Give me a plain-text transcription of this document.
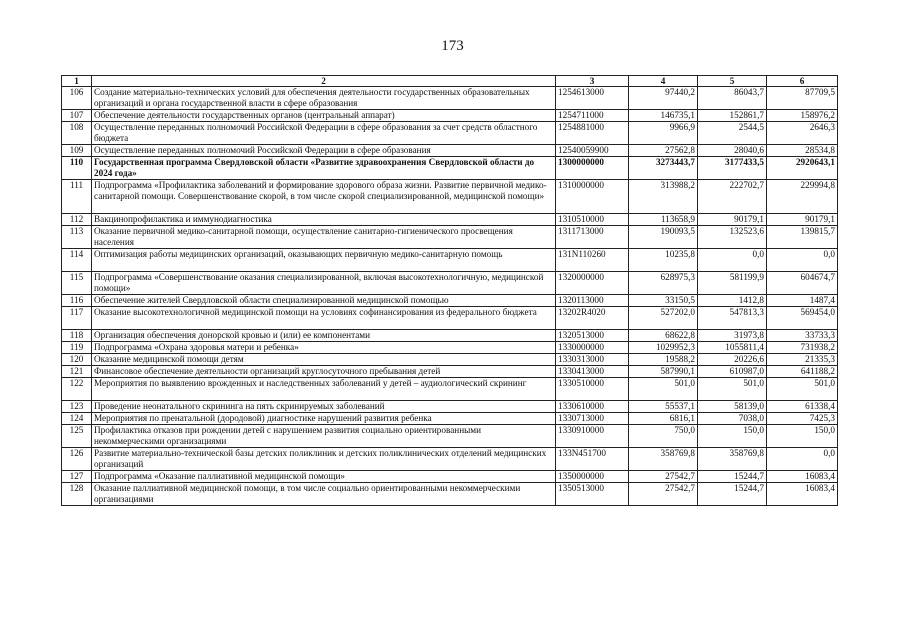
173
1	2	3	4	5	6
106	Создание материально-технических условий для обеспечения деятельности государственных образовательных организаций и органа государственной власти в сфере образования	1254613000	97440,2	86043,7	87709,5
107	Обеспечение деятельности государственных органов (центральный аппарат)	1254711000	146735,1	152861,7	158976,2
108	Осуществление переданных полномочий Российской Федерации в сфере образования за счет средств областного бюджета	1254881000	9966,9	2544,5	2646,3
109	Осуществление переданных полномочий Российской Федерации в сфере образования	12540059900	27562,8	28040,6	28534,8
110	Государственная программа Свердловской области «Развитие здравоохранения Свердловской области до 2024 года»	1300000000	3273443,7	3177433,5	2920643,1
111	Подпрограмма «Профилактика заболеваний и формирование здорового образа жизни. Развитие первичной медико-санитарной помощи. Совершенствование скорой, в том числе скорой специализированной, медицинской помощи»	1310000000	313988,2	222702,7	229994,8
112	Вакцинопрофилактика и иммунодиагностика	1310510000	113658,9	90179,1	90179,1
113	Оказание первичной медико-санитарной помощи, осуществление санитарно-гигиенического просвещения населения	1311713000	190093,5	132523,6	139815,7
114	Оптимизация работы медицинских организаций, оказывающих первичную медико-санитарную помощь	131N110260	10235,8	0,0	0,0
115	Подпрограмма «Совершенствование оказания специализированной, включая высокотехнологичную, медицинской помощи»	1320000000	628975,3	581199,9	604674,7
116	Обеспечение жителей Свердловской области специализированной медицинской помощью	1320113000	33150,5	1412,8	1487,4
117	Оказание высокотехнологичной медицинской помощи на условиях софинансирования из федерального бюджета	13202R4020	527202,0	547813,3	569454,0
118	Организация обеспечения донорской кровью и (или) ее компонентами	1320513000	68622,8	31973,8	33733,3
119	Подпрограмма «Охрана здоровья матери и ребенка»	1330000000	1029952,3	1055811,4	731938,2
120	Оказание медицинской помощи детям	1330313000	19588,2	20226,6	21335,3
121	Финансовое обеспечение деятельности организаций круглосуточного пребывания детей	1330413000	587990,1	610987,0	641188,2
122	Мероприятия по выявлению врожденных и наследственных заболеваний у детей – аудиологический скрининг	1330510000	501,0	501,0	501,0
123	Проведение неонатального скрининга на пять скринируемых заболеваний	1330610000	55537,1	58139,0	61338,4
124	Мероприятия по пренатальной (дородовой) диагностике нарушений развития ребенка	1330713000	6816,1	7038,0	7425,3
125	Профилактика отказов при рождении детей с нарушением развития социально ориентированными некоммерческими организациями	1330910000	750,0	150,0	150,0
126	Развитие материально-технической базы детских поликлиник и детских поликлинических отделений медицинских организаций	133N451700	358769,8	358769,8	0,0
127	Подпрограмма «Оказание паллиативной медицинской помощи»	1350000000	27542,7	15244,7	16083,4
128	Оказание паллиативной медицинской помощи, в том числе социально ориентированными некоммерческими организациями	1350513000	27542,7	15244,7	16083,4
